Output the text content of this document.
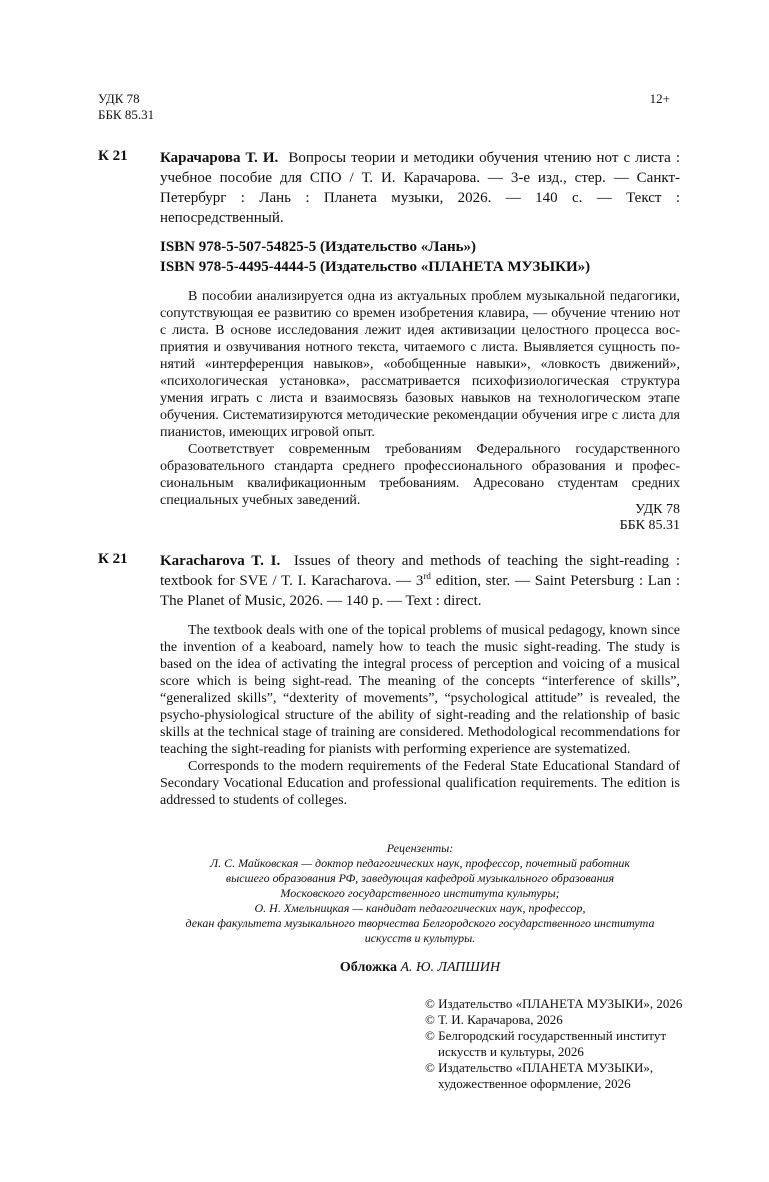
УДК 78
ББК 85.31
12+
К 21 Карачарова Т. И. Вопросы теории и методики обучения чтению нот с листа : учебное пособие для СПО / Т. И. Карачарова. — 3-е изд., стер. — Санкт-Петербург : Лань : Планета музыки, 2026. — 140 с. — Текст : непосредственный.
ISBN 978-5-507-54825-5 (Издательство «Лань»)
ISBN 978-5-4495-4444-5 (Издательство «ПЛАНЕТА МУЗЫКИ»)

В пособии анализируется одна из актуальных проблем музыкальной педагогики, сопутствующая ее развитию со времен изобретения клавира, — обучение чтению нот с листа. В основе исследования лежит идея активизации целостного процесса восприятия и озвучивания нотного текста, читаемого с листа. Выявляется сущность понятий «интерференция навыков», «обобщенные навыки», «ловкость движений», «психологическая установка», рассматривается психофизиологическая структура умения играть с листа и взаимосвязь базовых навыков на технологическом этапе обучения. Систематизируются методические рекомендации обучения игре с листа для пианистов, имеющих игровой опыт.

Соответствует современным требованиям Федерального государственного образовательного стандарта среднего профессионального образования и профессиональным квалификационным требованиям. Адресовано студентам средних специальных учебных заведений.

УДК 78
ББК 85.31
К 21 Karacharova T. I. Issues of theory and methods of teaching the sight-reading : textbook for SVE / T. I. Karacharova. — 3rd edition, ster. — Saint Petersburg : Lan : The Planet of Music, 2026. — 140 p. — Text : direct.

The textbook deals with one of the topical problems of musical pedagogy, known since the invention of a keaboard, namely how to teach the music sight-reading. The study is based on the idea of activating the integral process of perception and voicing of a musical score which is being sight-read. The meaning of the concepts “interference of skills”, “generalized skills”, “dexterity of movements”, “psychological attitude” is revealed, the psycho-physiological structure of the ability of sight-reading and the relationship of basic skills at the technical stage of training are considered. Methodological recommendations for teaching the sight-reading for pianists with performing experience are systematized.

Corresponds to the modern requirements of the Federal State Educational Standard of Secondary Vocational Education and professional qualification requirements. The edition is addressed to students of colleges.

Рецензенты:
Л. С. Майковская — доктор педагогических наук, профессор, почетный работник
высшего образования РФ, заведующая кафедрой музыкального образования
Московского государственного института культуры;
О. Н. Хмельницкая — кандидат педагогических наук, профессор,
декан факультета музыкального творчества Белгородского государственного института
искусств и культуры.
Обложка А. Ю. ЛАПШИН
© Издательство «ПЛАНЕТА МУЗЫКИ», 2026
© Т. И. Карачарова, 2026
© Белгородский государственный институт искусств и культуры, 2026
© Издательство «ПЛАНЕТА МУЗЫКИ», художественное оформление, 2026
